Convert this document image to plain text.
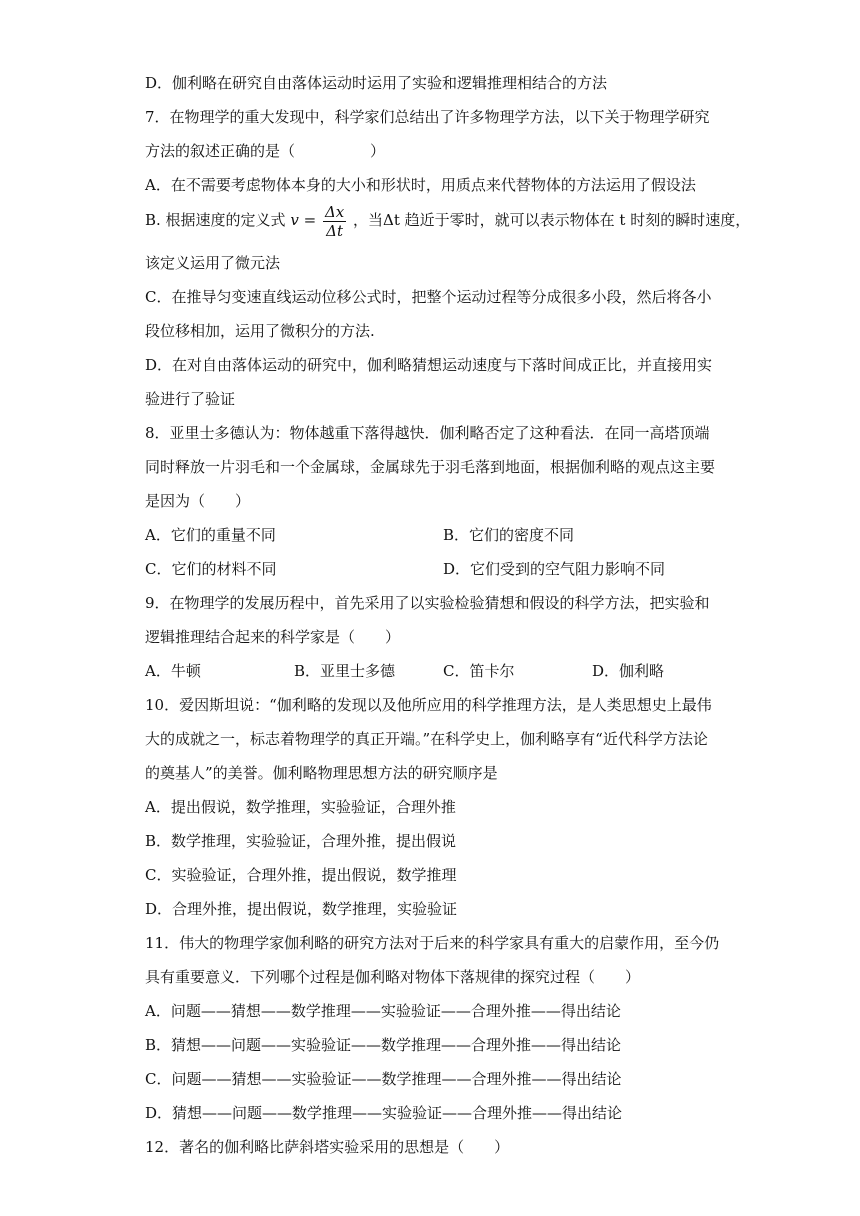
D．伽利略在研究自由落体运动时运用了实验和逻辑推理相结合的方法
7．在物理学的重大发现中，科学家们总结出了许多物理学方法，以下关于物理学研究
方法的叙述正确的是（　　　　　）
A．在不需要考虑物体本身的大小和形状时，用质点来代替物体的方法运用了假设法
B. 根据速度的定义式 $v = \frac{\Delta x}{\Delta t}$ ，当Δt 趋近于零时，就可以表示物体在 t 时刻的瞬时速度，
该定义运用了微元法
C．在推导匀变速直线运动位移公式时，把整个运动过程等分成很多小段，然后将各小
段位移相加，运用了微积分的方法.
D．在对自由落体运动的研究中，伽利略猜想运动速度与下落时间成正比，并直接用实
验进行了验证
8．亚里士多德认为：物体越重下落得越快．伽利略否定了这种看法．在同一高塔顶端
同时释放一片羽毛和一个金属球，金属球先于羽毛落到地面，根据伽利略的观点这主要
是因为（　　）
A．它们的重量不同	B．它们的密度不同
C．它们的材料不同	D．它们受到的空气阻力影响不同
9．在物理学的发展历程中，首先采用了以实验检验猜想和假设的科学方法，把实验和
逻辑推理结合起来的科学家是（　　）
A．牛顿	B．亚里士多德	C．笛卡尔	D．伽利略
10．爱因斯坦说：“伽利略的发现以及他所应用的科学推理方法，是人类思想史上最伟
大的成就之一，标志着物理学的真正开端。”在科学史上，伽利略享有“近代科学方法论
的奠基人”的美誉。伽利略物理思想方法的研究顺序是
A．提出假说，数学推理，实验验证，合理外推
B．数学推理，实验验证，合理外推，提出假说
C．实验验证，合理外推，提出假说，数学推理
D．合理外推，提出假说，数学推理，实验验证
11．伟大的物理学家伽利略的研究方法对于后来的科学家具有重大的启蒙作用，至今仍
具有重要意义．下列哪个过程是伽利略对物体下落规律的探究过程（　　）
A．问题——猜想——数学推理——实验验证——合理外推——得出结论
B．猜想——问题——实验验证——数学推理——合理外推——得出结论
C．问题——猜想——实验验证——数学推理——合理外推——得出结论
D．猜想——问题——数学推理——实验验证——合理外推——得出结论
12．著名的伽利略比萨斜塔实验采用的思想是（　　）
